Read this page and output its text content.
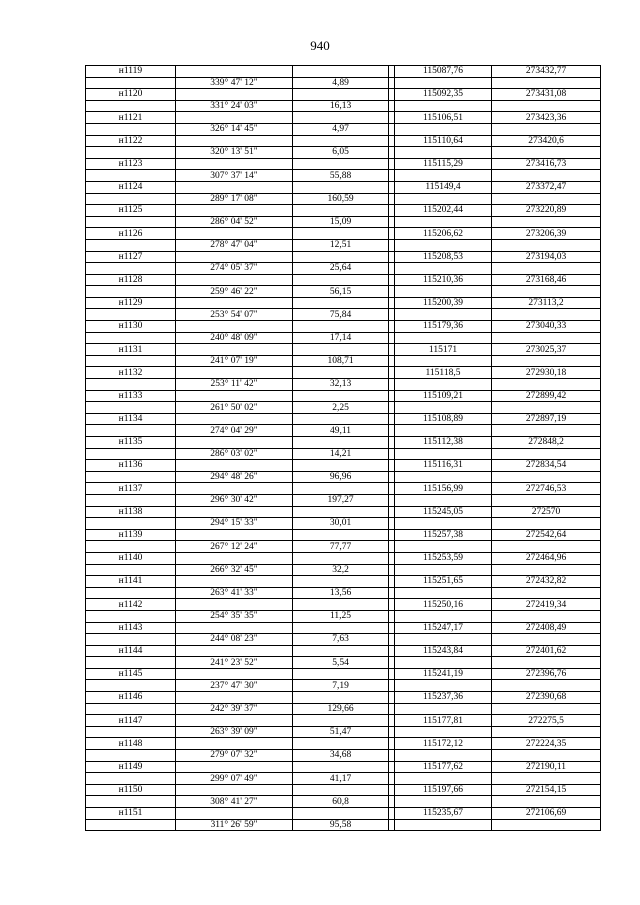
940
н1119				115087,76	273432,77
	339° 47' 12"	4,89			
н1120				115092,35	273431,08
	331° 24' 03"	16,13			
н1121				115106,51	273423,36
	326° 14' 45"	4,97			
н1122				115110,64	273420,6
	320° 13' 51"	6,05			
н1123				115115,29	273416,73
	307° 37' 14"	55,88			
н1124				115149,4	273372,47
	289° 17' 08"	160,59			
н1125				115202,44	273220,89
	286° 04' 52"	15,09			
н1126				115206,62	273206,39
	278° 47' 04"	12,51			
н1127				115208,53	273194,03
	274° 05' 37"	25,64			
н1128				115210,36	273168,46
	259° 46' 22"	56,15			
н1129				115200,39	273113,2
	253° 54' 07"	75,84			
н1130				115179,36	273040,33
	240° 48' 09"	17,14			
н1131				115171	273025,37
	241° 07' 19"	108,71			
н1132				115118,5	272930,18
	253° 11' 42"	32,13			
н1133				115109,21	272899,42
	261° 50' 02"	2,25			
н1134				115108,89	272897,19
	274° 04' 29"	49,11			
н1135				115112,38	272848,2
	286° 03' 02"	14,21			
н1136				115116,31	272834,54
	294° 48' 26"	96,96			
н1137				115156,99	272746,53
	296° 30' 42"	197,27			
н1138				115245,05	272570
	294° 15' 33"	30,01			
н1139				115257,38	272542,64
	267° 12' 24"	77,77			
н1140				115253,59	272464,96
	266° 32' 45"	32,2			
н1141				115251,65	272432,82
	263° 41' 33"	13,56			
н1142				115250,16	272419,34
	254° 35' 35"	11,25			
н1143				115247,17	272408,49
	244° 08' 23"	7,63			
н1144				115243,84	272401,62
	241° 23' 52"	5,54			
н1145				115241,19	272396,76
	237° 47' 30"	7,19			
н1146				115237,36	272390,68
	242° 39' 37"	129,66			
н1147				115177,81	272275,5
	263° 39' 09"	51,47			
н1148				115172,12	272224,35
	279° 07' 32"	34,68			
н1149				115177,62	272190,11
	299° 07' 49"	41,17			
н1150				115197,66	272154,15
	308° 41' 27"	60,8			
н1151				115235,67	272106,69
	311° 26' 59"	95,58			
